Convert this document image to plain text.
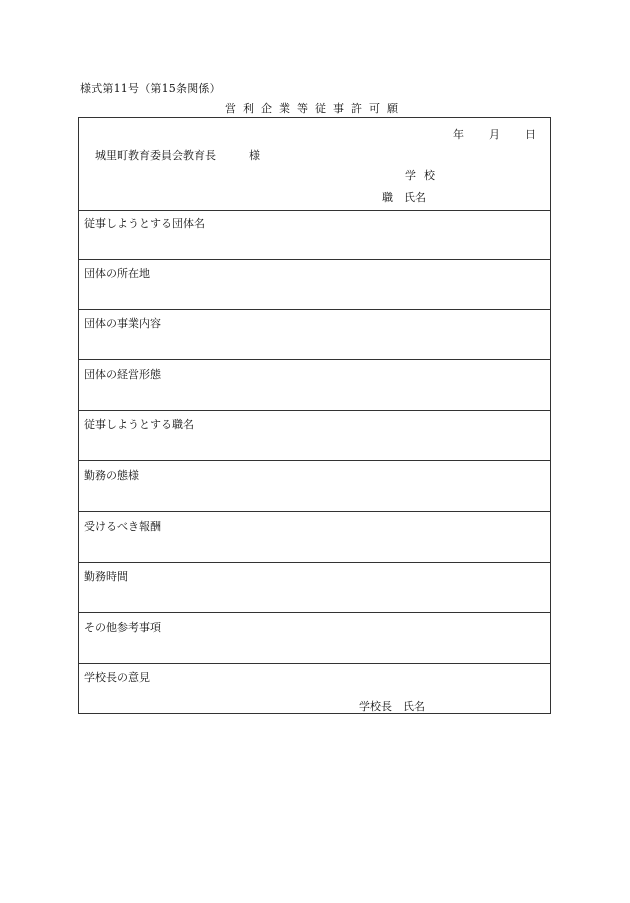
様式第11号（第15条関係）
営利企業等従事許可願
年 月 日
城里町教育委員会教育長	様
学校
職　氏名
従事しようとする団体名
団体の所在地
団体の事業内容
団体の経営形態
従事しようとする職名
勤務の態様
受けるべき報酬
勤務時間
その他参考事項
学校長の意見
学校長　氏名
